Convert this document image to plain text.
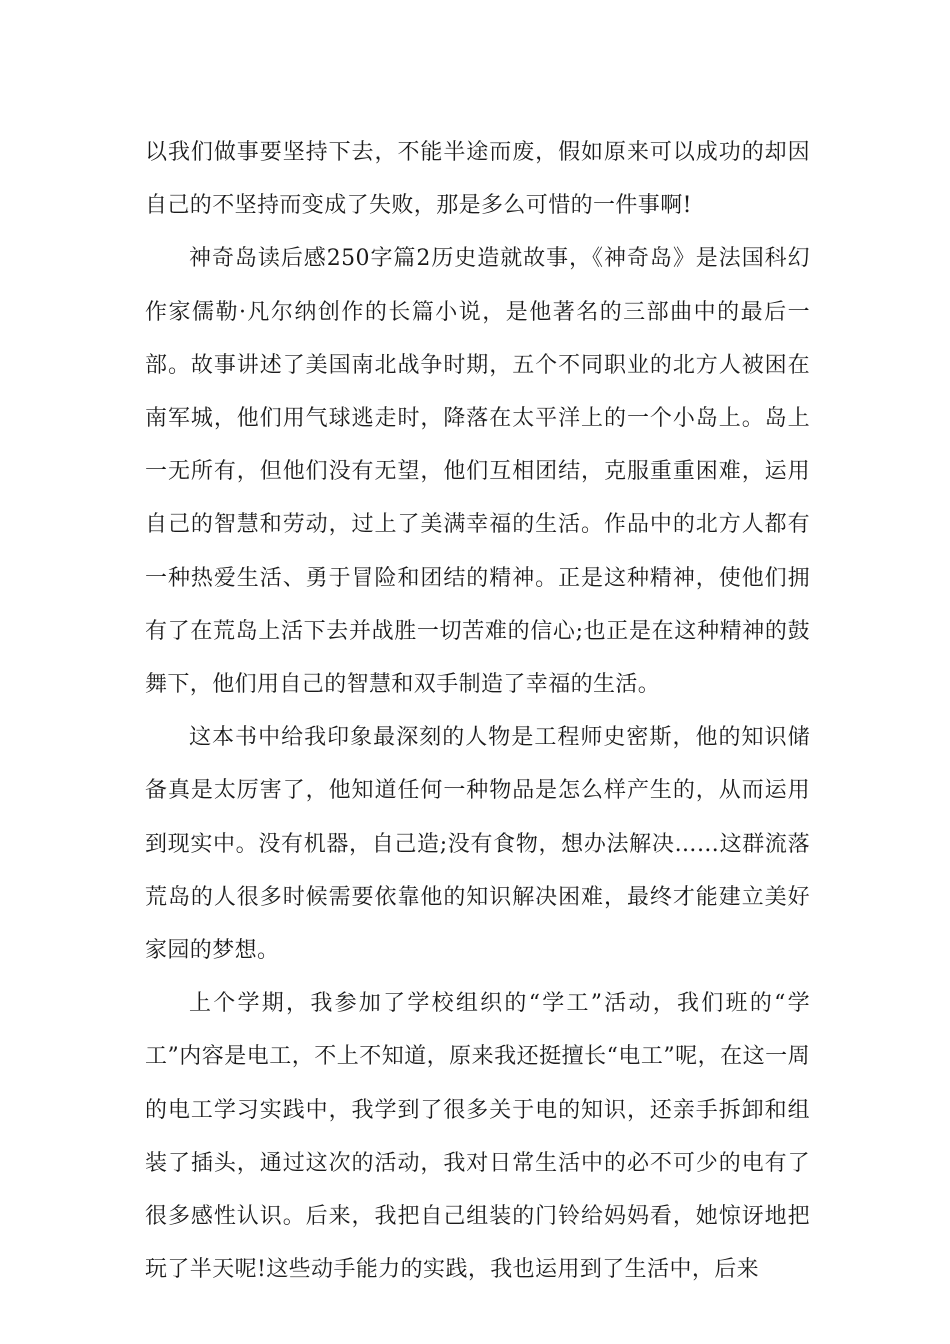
以我们做事要坚持下去，不能半途而废，假如原来可以成功的却因自己的不坚持而变成了失败，那是多么可惜的一件事啊!

神奇岛读后感250字篇2历史造就故事，《神奇岛》是法国科幻作家儒勒·凡尔纳创作的长篇小说，是他著名的三部曲中的最后一部。故事讲述了美国南北战争时期，五个不同职业的北方人被困在南军城，他们用气球逃走时，降落在太平洋上的一个小岛上。岛上一无所有，但他们没有无望，他们互相团结，克服重重困难，运用自己的智慧和劳动，过上了美满幸福的生活。作品中的北方人都有一种热爱生活、勇于冒险和团结的精神。正是这种精神，使他们拥有了在荒岛上活下去并战胜一切苦难的信心;也正是在这种精神的鼓舞下，他们用自己的智慧和双手制造了幸福的生活。

这本书中给我印象最深刻的人物是工程师史密斯，他的知识储备真是太厉害了，他知道任何一种物品是怎么样产生的，从而运用到现实中。没有机器，自己造;没有食物，想办法解决……这群流落荒岛的人很多时候需要依靠他的知识解决困难，最终才能建立美好家园的梦想。

上个学期，我参加了学校组织的“学工”活动，我们班的“学工”内容是电工，不上不知道，原来我还挺擅长“电工”呢，在这一周的电工学习实践中，我学到了很多关于电的知识，还亲手拆卸和组装了插头，通过这次的活动，我对日常生活中的必不可少的电有了很多感性认识。后来，我把自己组装的门铃给妈妈看，她惊讶地把玩了半天呢!这些动手能力的实践，我也运用到了生活中，后来
